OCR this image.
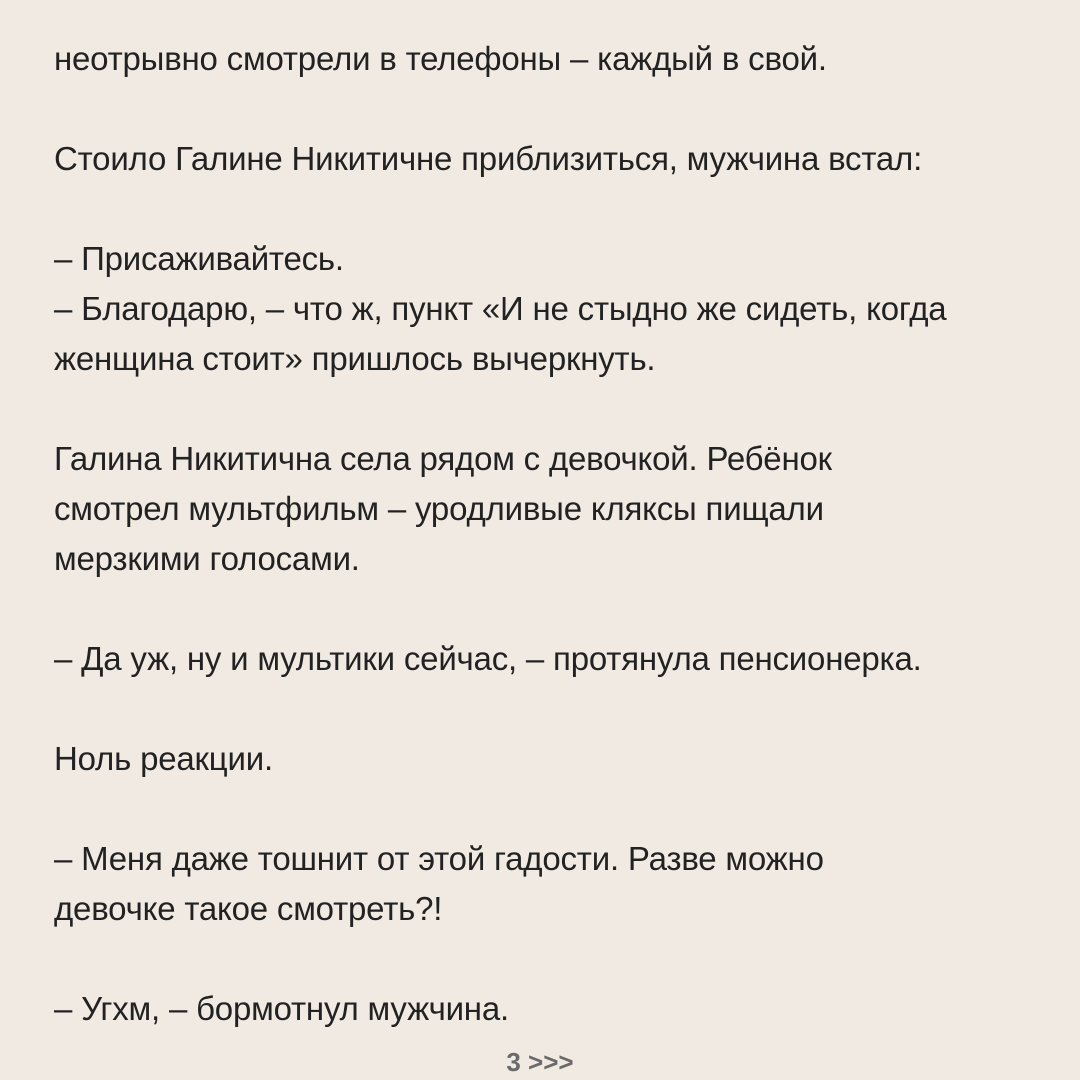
неотрывно смотрели в телефоны – каждый в свой.
Стоило Галине Никитичне приблизиться, мужчина встал:
– Присаживайтесь.
– Благодарю, – что ж, пункт «И не стыдно же сидеть, когда
женщина стоит» пришлось вычеркнуть.
Галина Никитична села рядом с девочкой. Ребёнок
смотрел мультфильм – уродливые кляксы пищали
мерзкими голосами.
– Да уж, ну и мультики сейчас, – протянула пенсионерка.
Ноль реакции.
– Меня даже тошнит от этой гадости. Разве можно
девочке такое смотреть?!
– Угхм, – бормотнул мужчина.
3 >>>
